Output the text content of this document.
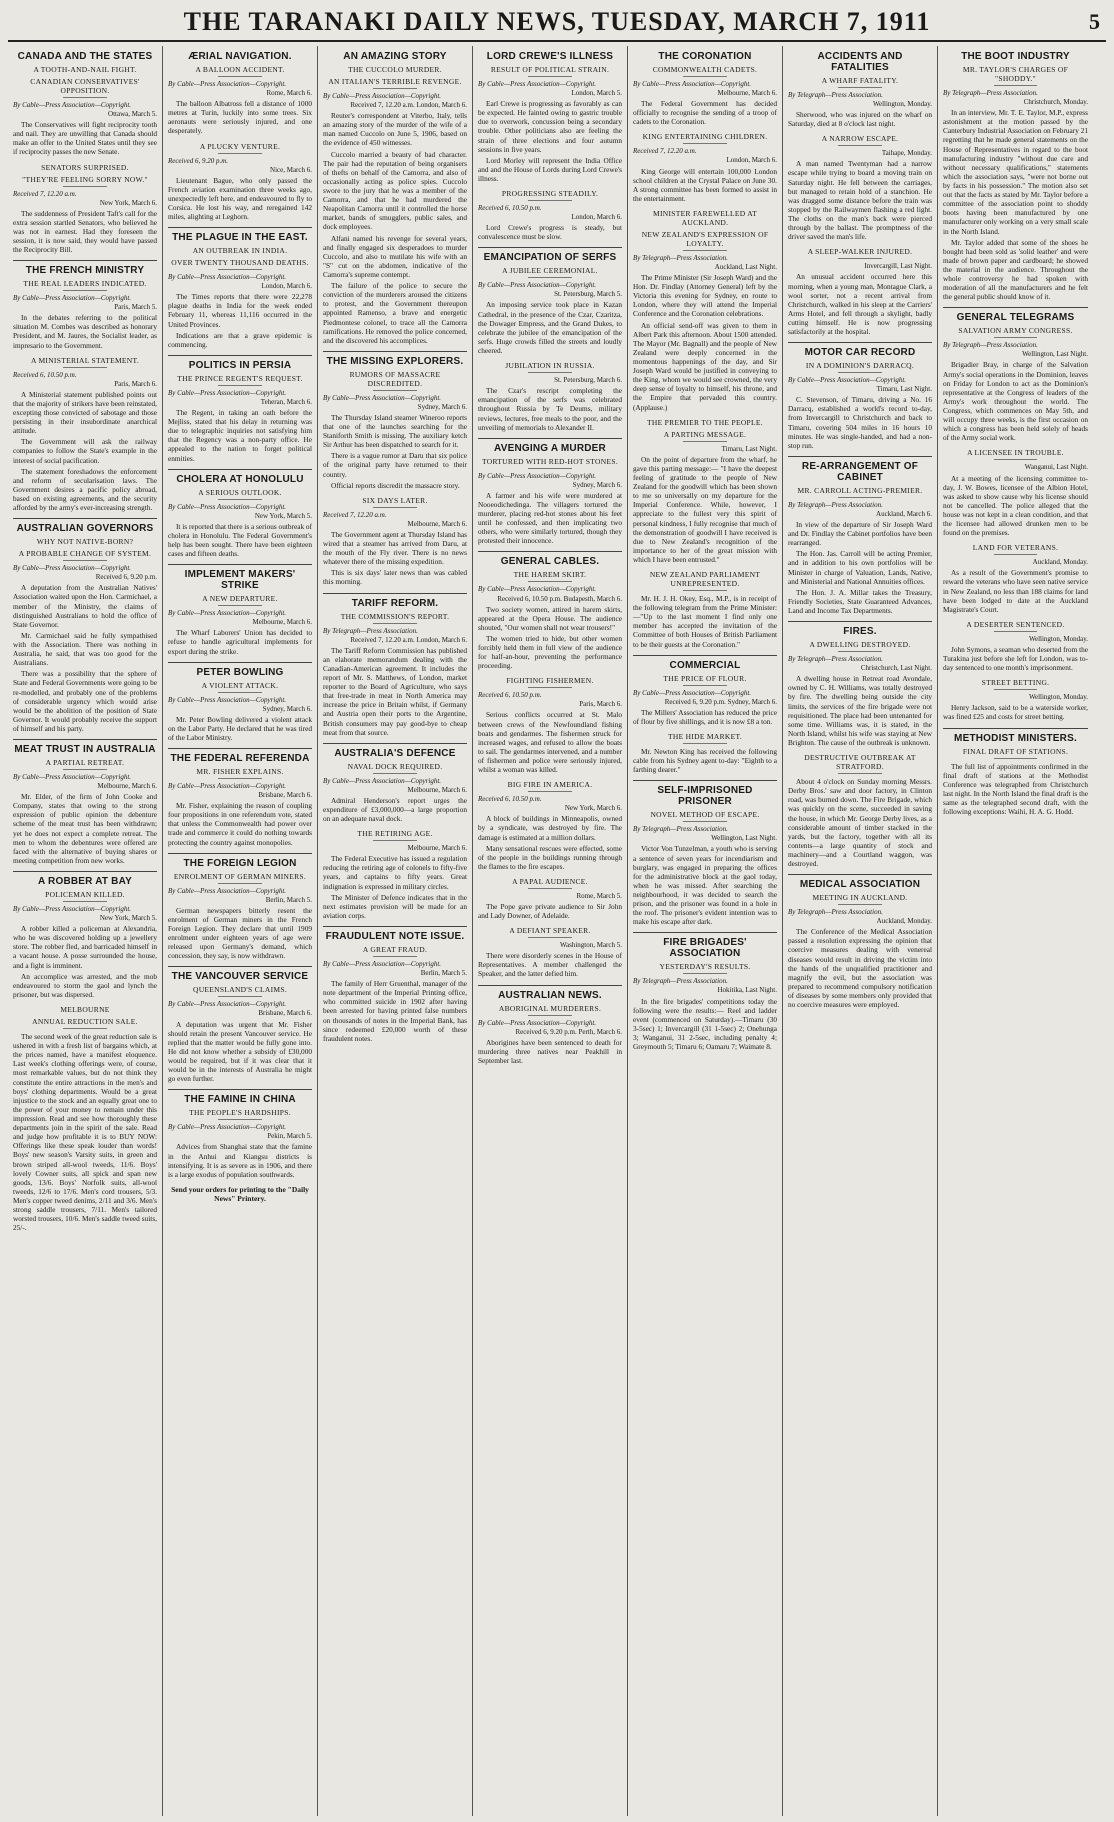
THE TARANAKI DAILY NEWS, TUESDAY, MARCH 7, 1911	5
CANADA AND THE STATES
A TOOTH-AND-NAIL FIGHT.
CANADIAN CONSERVATIVES' OPPOSITION.
By Cable—Press Association—Copyright.
Ottawa, March 5.
The Conservatives will fight reciprocity tooth and nail. They are unwilling that Canada should make an offer to the United States until they see if reciprocity passes the new Senate.
SENATORS SURPRISED.
"THEY'RE FEELING SORRY NOW."
Received 7, 12.20 a.m.
New York, March 6.
The suddenness of President Taft's call for the extra session startled Senators, who believed he was not in earnest. Had they foreseen the session, it is now said, they would have passed the Reciprocity Bill.
THE FRENCH MINISTRY
THE REAL LEADERS INDICATED.
By Cable—Press Association—Copyright.
Paris, March 5.
In the debates referring to the political situation M. Combes was described as honorary President, and M. Jaures, the Socialist leader, as impresario to the Government.
A MINISTERIAL STATEMENT.
Received 6, 10.50 p.m.
Paris, March 6.
A Ministerial statement published points out that the majority of strikers have been reinstated, excepting those convicted of sabotage and those persisting in their insubordinate anarchical attitude.
The Government will ask the railway companies to follow the State's example in the interest of social pacification.
The statement foreshadows the enforcement and reform of secularisation laws. The Government desires a pacific policy abroad, based on existing agreements, and the security afforded by the army's ever-increasing strength.
AUSTRALIAN GOVERNORS
WHY NOT NATIVE-BORN?
A PROBABLE CHANGE OF SYSTEM.
By Cable—Press Association—Copyright.
Received 6, 9.20 p.m.
A deputation from the Australian Natives' Association waited upon the Hon. Carmichael, a member of the Ministry, the claims of distinguished Australians to hold the office of State Governor.
Mr. Carmichael said he fully sympathised with the Association. There was nothing in Australia, he said, that was too good for the Australians.
There was a possibility that the sphere of State and Federal Governments were going to be re-modelled, and probably one of the problems of considerable urgency which would arise would be the abolition of the position of State Governor. It would probably receive the support of himself and his party.
MEAT TRUST IN AUSTRALIA
A PARTIAL RETREAT.
By Cable—Press Association—Copyright.
Melbourne, March 6.
Mr. Elder, of the firm of John Cooke and Company, states that owing to the strong expression of public opinion the debenture scheme of the meat trust has been withdrawn; yet he does not expect a complete retreat. The men to whom the debentures were offered are faced with the alternative of buying shares or meeting competition from new works.
A ROBBER AT BAY
POLICEMAN KILLED.
By Cable—Press Association—Copyright.
New York, March 5.
A robber killed a policeman at Alexandria, who he was discovered holding up a jewellery store. The robber fled, and barricaded himself in a vacant house. A posse surrounded the house, and a fight is imminent.
An accomplice was arrested, and the mob endeavoured to storm the gaol and lynch the prisoner, but was dispersed.
MELBOURNE
ANNUAL REDUCTION SALE.
The second week of the great reduction sale is ushered in with a fresh list of bargains which, at the prices named, have a manifest eloquence. Last week's clothing offerings were, of course, most remarkable values, but do not think they constitute the entire attractions in the men's and boys' clothing departments. Would be a great injustice to the stock and an equally great one to the power of your money to remain under this impression. Read and see how thoroughly these departments join in the spirit of the sale. Read and judge how profitable it is to BUY NOW: Offerings like these speak louder than words! Boys' new season's Varsity suits, in green and brown striped all-wool tweeds, 11/6. Boys' lovely Cowner suits, all spick and span new goods, 13/6. Boys' Norfolk suits, all-wool tweeds, 12/6 to 17/6. Men's cord trousers, 5/3. Men's copper tweed denims, 2/11 and 3/6. Men's strong saddle trousers, 7/11. Men's tailored worsted trousers, 10/6. Men's saddle tweed suits, 25/-.
ÆRIAL NAVIGATION.
A BALLOON ACCIDENT.
By Cable—Press Association—Copyright.
Rome, March 6.
The balloon Albatross fell a distance of 1000 metres at Turin, luckily into some trees. Six aeronauts were seriously injured, and one desperately.
A PLUCKY VENTURE.
Received 6, 9.20 p.m.
Nice, March 6.
Lieutenant Bague, who only passed the French aviation examination three weeks ago, unexpectedly left here, and endeavoured to fly to Corsica. He lost his way, and reregained 142 miles, alighting at Leghorn.
THE PLAGUE IN THE EAST.
AN OUTBREAK IN INDIA.
OVER TWENTY THOUSAND DEATHS.
By Cable—Press Association—Copyright.
London, March 6.
The Times reports that there were 22,278 plague deaths in India for the week ended February 11, whereas 11,116 occurred in the United Provinces.
Indications are that a grave epidemic is commencing.
POLITICS IN PERSIA
THE PRINCE REGENT'S REQUEST.
By Cable—Press Association—Copyright.
Teheran, March 6.
The Regent, in taking an oath before the Mejliss, stated that his delay in returning was due to telegraphic inquiries not satisfying him that the Regency was a non-party office. He appealed to the nation to forget political enmities.
CHOLERA AT HONOLULU
A SERIOUS OUTLOOK.
By Cable—Press Association—Copyright.
New York, March 5.
It is reported that there is a serious outbreak of cholera in Honolulu. The Federal Government's help has been sought. There have been eighteen cases and fifteen deaths.
IMPLEMENT MAKERS' STRIKE
A NEW DEPARTURE.
By Cable—Press Association—Copyright.
Melbourne, March 6.
The Wharf Laborers' Union has decided to refuse to handle agricultural implements for export during the strike.
PETER BOWLING
A VIOLENT ATTACK.
By Cable—Press Association—Copyright.
Sydney, March 6.
Mr. Peter Bowling delivered a violent attack on the Labor Party. He declared that he was tired of the Labor Ministry.
THE FEDERAL REFERENDA
MR. FISHER EXPLAINS.
By Cable—Press Association—Copyright.
Brisbane, March 6.
Mr. Fisher, explaining the reason of coupling four propositions in one referendum vote, stated that unless the Commonwealth had power over trade and commerce it could do nothing towards protecting the country against monopolies.
THE FOREIGN LEGION
ENROLMENT OF GERMAN MINERS.
By Cable—Press Association—Copyright.
Berlin, March 5.
German newspapers bitterly resent the enrolment of German miners in the French Foreign Legion. They declare that until 1909 enrolment under eighteen years of age were released upon Germany's demand, which concession, they say, is now withdrawn.
THE VANCOUVER SERVICE
QUEENSLAND'S CLAIMS.
By Cable—Press Association—Copyright.
Brisbane, March 6.
A deputation was urgent that Mr. Fisher should retain the present Vancouver service. He replied that the matter would be fully gone into. He did not know whether a subsidy of £30,000 would be required, but if it was clear that it would be in the interests of Australia he might go even further.
THE FAMINE IN CHINA
THE PEOPLE'S HARDSHIPS.
By Cable—Press Association—Copyright.
Pekin, March 5.
Advices from Shanghai state that the famine in the Anhui and Kiangsu districts is intensifying. It is as severe as in 1906, and there is a large exodus of population southwards.
Send your orders for printing to the "Daily News" Printery.
AN AMAZING STORY
THE CUCCOLO MURDER.
AN ITALIAN'S TERRIBLE REVENGE.
By Cable—Press Association—Copyright.
Received 7, 12.20 a.m. London, March 6.
Reuter's correspondent at Viterbo, Italy, tells an amazing story of the murder of the wife of a man named Cuccolo on June 5, 1906, based on the evidence of 450 witnesses.
Cuccolo married a beauty of bad character. The pair had the reputation of being organisers of thefts on behalf of the Camorra, and also of occasionally acting as police spies. Cuccolo swore to the jury that he was a member of the Camorra, and that he had murdered the Neapolitan Camorra until it controlled the horse market, bands of smugglers, public sales, and dock employees.
Alfani named his revenge for several years, and finally engaged six desperadoes to murder Cuccolo, and also to mutilate his wife with an "S" cut on the abdomen, indicative of the Camorra's supreme contempt.
The failure of the police to secure the conviction of the murderers aroused the citizens to protest, and the Government thereupon appointed Ramenso, a brave and energetic Piedmontese colonel, to trace all the Camorra ramifications. He removed the police concerned, and the discovered his accomplices.
THE MISSING EXPLORERS.
RUMORS OF MASSACRE DISCREDITED.
By Cable—Press Association—Copyright.
Sydney, March 6.
The Thursday Island steamer Wineroo reports that one of the launches searching for the Staniforth Smith is missing. The auxiliary ketch Sir Arthur has been dispatched to search for it.
There is a vague rumor at Daru that six police of the original party have returned to their country.
Official reports discredit the massacre story.
SIX DAYS LATER.
Received 7, 12.20 a.m.
Melbourne, March 6.
The Government agent at Thursday Island has wired that a steamer has arrived from Daru, at the mouth of the Fly river. There is no news whatever there of the missing expedition.
This is six days' later news than was cabled this morning.
TARIFF REFORM.
THE COMMISSION'S REPORT.
By Telegraph—Press Association.
Received 7, 12.20 a.m. London, March 6.
The Tariff Reform Commission has published an elaborate memorandum dealing with the Canadian-American agreement. It includes the report of Mr. S. Matthews, of London, market reporter to the Board of Agriculture, who says that free-trade in meat in North America may increase the price in Britain whilst, if Germany and Austria open their ports to the Argentine, British consumers may pay good-bye to cheap meat from that source.
AUSTRALIA'S DEFENCE
NAVAL DOCK REQUIRED.
By Cable—Press Association—Copyright.
Melbourne, March 6.
Admiral Henderson's report urges the expenditure of £3,000,000—a large proportion on an adequate naval dock.
THE RETIRING AGE.
Melbourne, March 6.
The Federal Executive has issued a regulation reducing the retiring age of colonels to fifty-five years, and captains to fifty years. Great indignation is expressed in military circles.
The Minister of Defence indicates that in the next estimates provision will be made for an aviation corps.
FRAUDULENT NOTE ISSUE.
A GREAT FRAUD.
By Cable—Press Association—Copyright.
Berlin, March 5.
The family of Herr Gruenthal, manager of the note department of the Imperial Printing office, who committed suicide in 1902 after having been arrested for having printed false numbers on thousands of notes in the Imperial Bank, has since redeemed £20,000 worth of these fraudulent notes.
LORD CREWE'S ILLNESS
RESULT OF POLITICAL STRAIN.
By Cable—Press Association—Copyright.
London, March 5.
Earl Crewe is progressing as favorably as can be expected. He fainted owing to gastric trouble due to overwork, concussion being a secondary trouble. Other politicians also are feeling the strain of three elections and four autumn sessions in five years.
Lord Morley will represent the India Office and and the House of Lords during Lord Crewe's illness.
PROGRESSING STEADILY.
Received 6, 10.50 p.m.
London, March 6.
Lord Crewe's progress is steady, but convalescence must be slow.
EMANCIPATION OF SERFS
A JUBILEE CEREMONIAL.
By Cable—Press Association—Copyright.
St. Petersburg, March 5.
An imposing service took place in Kazan Cathedral, in the presence of the Czar, Czaritza, the Dowager Empress, and the Grand Dukes, to celebrate the jubilee of the emancipation of the serfs. Huge crowds filled the streets and loudly cheered.
JUBILATION IN RUSSIA.
St. Petersburg, March 6.
The Czar's rescript completing the emancipation of the serfs was celebrated throughout Russia by Te Deums, military reviews, lectures, free meals to the poor, and the unveiling of memorials to Alexander II.
AVENGING A MURDER
TORTURED WITH RED-HOT STONES.
By Cable—Press Association—Copyright.
Sydney, March 6.
A farmer and his wife were murdered at Nooeodichedinga. The villagers tortured the murderer, placing red-hot stones about his feet until he confessed, and then implicating two others, who were similarly tortured, though they protested their innocence.
GENERAL CABLES.
THE HAREM SKIRT.
By Cable—Press Association—Copyright.
Received 6, 10.50 p.m. Budapesth, March 6.
Two society women, attired in harem skirts, appeared at the Opera House. The audience shouted, "Our women shall not wear trousers!"
The women tried to hide, but other women forcibly held them in full view of the audience for half-an-hour, preventing the performance proceeding.
FIGHTING FISHERMEN.
Received 6, 10.50 p.m.
Paris, March 6.
Serious conflicts occurred at St. Malo between crews of the Newfoundland fishing boats and gendarmes. The fishermen struck for increased wages, and refused to allow the boats to sail. The gendarmes intervened, and a number of fishermen and police were seriously injured, whilst a woman was killed.
BIG FIRE IN AMERICA.
Received 6, 10.50 p.m.
New York, March 6.
A block of buildings in Minneapolis, owned by a syndicate, was destroyed by fire. The damage is estimated at a million dollars.
Many sensational rescues were effected, some of the people in the buildings running through the flames to the fire escapes.
A PAPAL AUDIENCE.
Rome, March 5.
The Pope gave private audience to Sir John and Lady Downer, of Adelaide.
A DEFIANT SPEAKER.
Washington, March 5.
There were disorderly scenes in the House of Representatives. A member challenged the Speaker, and the latter defied him.
AUSTRALIAN NEWS.
ABORIGINAL MURDERERS.
By Cable—Press Association—Copyright.
Received 6, 9.20 p.m. Perth, March 6.
Aborigines have been sentenced to death for murdering three natives near Peakhill in September last.
THE CORONATION
COMMONWEALTH CADETS.
By Cable—Press Association—Copyright.
Melbourne, March 6.
The Federal Government has decided officially to recognise the sending of a troop of cadets to the Coronation.
KING ENTERTAINING CHILDREN.
Received 7, 12.20 a.m.
London, March 6.
King George will entertain 100,000 London school children at the Crystal Palace on June 30. A strong committee has been formed to assist in the entertainment.
MINISTER FAREWELLED AT AUCKLAND.
NEW ZEALAND'S EXPRESSION OF LOYALTY.
By Telegraph—Press Association.
Auckland, Last Night.
The Prime Minister (Sir Joseph Ward) and the Hon. Dr. Findlay (Attorney General) left by the Victoria this evening for Sydney, en route to London, where they will attend the Imperial Conference and the Coronation celebrations.
An official send-off was given to them in Albert Park this afternoon. About 1500 attended. The Mayor (Mr. Bagnall) and the people of New Zealand were deeply concerned in the momentous happenings of the day, and Sir Joseph Ward would be justified in conveying to the King, whom we would see crowned, the very deep sense of loyalty to himself, his throne, and the Empire that pervaded this country. (Applause.)
THE PREMIER TO THE PEOPLE.
A PARTING MESSAGE.
Timaru, Last Night.
On the point of departure from the wharf, he gave this parting message:— "I have the deepest feeling of gratitude to the people of New Zealand for the goodwill which has been shown to me so universally on my departure for the Imperial Conference. While, however, I appreciate to the fullest very this spirit of personal kindness, I fully recognise that much of the demonstration of goodwill I have received is due to New Zealand's recognition of the importance to her of the great mission with which I have been entrusted."
NEW ZEALAND PARLIAMENT UNREPRESENTED.
Mr. H. J. H. Okey, Esq., M.P., is in receipt of the following telegram from the Prime Minister:—"Up to the last moment I find only one member has accepted the invitation of the Committee of both Houses of British Parliament to be their guests at the Coronation."
COMMERCIAL
THE PRICE OF FLOUR.
By Cable—Press Association—Copyright.
Received 6, 9.20 p.m. Sydney, March 6.
The Millers' Association has reduced the price of flour by five shillings, and it is now £8 a ton.
THE HIDE MARKET.
Mr. Newton King has received the following cable from his Sydney agent to-day: "Eighth to a farthing dearer."
SELF-IMPRISONED PRISONER
NOVEL METHOD OF ESCAPE.
By Telegraph—Press Association.
Wellington, Last Night.
Victor Von Tunzelman, a youth who is serving a sentence of seven years for incendiarism and burglary, was engaged in preparing the offices for the administrative block at the gaol today, when he was missed. After searching the neighbourhood, it was decided to search the prison, and the prisoner was found in a hole in the roof. The prisoner's evident intention was to make his escape after dark.
FIRE BRIGADES' ASSOCIATION
YESTERDAY'S RESULTS.
By Telegraph—Press Association.
Hokitika, Last Night.
In the fire brigades' competitions today the following were the results:— Reel and ladder event (commenced on Saturday).—Timaru (30 3-5sec) 1; Invercargill (31 1-5sec) 2; Onehunga 3; Wanganui, 31 2-5sec, including penalty 4; Greymouth 5; Timaru 6; Oamaru 7; Waimate 8.
ACCIDENTS AND FATALITIES
A WHARF FATALITY.
By Telegraph—Press Association.
Wellington, Monday.
Sherwood, who was injured on the wharf on Saturday, died at 8 o'clock last night.
A NARROW ESCAPE.
Taihape, Monday.
A man named Twentyman had a narrow escape while trying to board a moving train on Saturday night. He fell between the carriages, but managed to retain hold of a stanchion. He was dragged some distance before the train was stopped by the Railwaymen flashing a red light. The cloths on the man's back were pierced through by the ballast. The promptness of the driver saved the man's life.
A SLEEP-WALKER INJURED.
Invercargill, Last Night.
An unusual accident occurred here this morning, when a young man, Montague Clark, a wool sorter, not a recent arrival from Christchurch, walked in his sleep at the Carriers' Arms Hotel, and fell through a skylight, badly cutting himself. He is now progressing satisfactorily at the hospital.
MOTOR CAR RECORD
IN A DOMINION'S DARRACQ.
By Cable—Press Association—Copyright.
Timaru, Last Night.
C. Stevenson, of Timaru, driving a No. 16 Darracq, established a world's record to-day, from Invercargill to Christchurch and back to Timaru, covering 504 miles in 16 hours 10 minutes. He was single-handed, and had a non-stop run.
RE-ARRANGEMENT OF CABINET
MR. CARROLL ACTING-PREMIER.
By Telegraph—Press Association.
Auckland, March 6.
In view of the departure of Sir Joseph Ward and Dr. Findlay the Cabinet portfolios have been rearranged.
The Hon. Jas. Carroll will be acting Premier, and in addition to his own portfolios will be Minister in charge of Valuation, Lands, Native, and Ministerial and National Annuities offices.
The Hon. J. A. Millar takes the Treasury, Friendly Societies, State Guaranteed Advances, Land and Income Tax Departments.
FIRES.
A DWELLING DESTROYED.
By Telegraph—Press Association.
Christchurch, Last Night.
A dwelling house in Retreat road Avondale, owned by C. H. Williams, was totally destroyed by fire. The dwelling being outside the city limits, the services of the fire brigade were not requisitioned. The place had been untenanted for some time. Williams was, it is stated, in the North Island, whilst his wife was staying at New Brighton. The cause of the outbreak is unknown.
DESTRUCTIVE OUTBREAK AT STRATFORD.
About 4 o'clock on Sunday morning Messrs. Derby Bros.' saw and door factory, in Clinton road, was burned down. The Fire Brigade, which was quickly on the scene, succeeded in saving the house, in which Mr. George Derby lives, as a considerable amount of timber stacked in the yards, but the factory, together with all its contents—a large quantity of stock and machinery—and a Courtland waggon, was destroyed.
MEDICAL ASSOCIATION
MEETING IN AUCKLAND.
By Telegraph—Press Association.
Auckland, Monday.
The Conference of the Medical Association passed a resolution expressing the opinion that coercive measures dealing with venereal diseases would result in driving the victim into the hands of the unqualified practitioner and magnify the evil, but the association was prepared to recommend compulsory notification of diseases by some members only provided that no coercive measures were employed.
THE BOOT INDUSTRY
MR. TAYLOR'S CHARGES OF "SHODDY."
By Telegraph—Press Association.
Christchurch, Monday.
In an interview, Mr. T. E. Taylor, M.P., express astonishment at the motion passed by the Canterbury Industrial Association on February 21 regretting that he made general statements on the House of Representatives in regard to the boot manufacturing industry "without due care and without necessary qualifications," statements which the association says, "were not borne out by facts in his possession." The motion also set out that the facts as stated by Mr. Taylor before a committee of the association point to shoddy boots having been manufactured by one manufacturer only working on a very small scale in the North Island.
Mr. Taylor added that some of the shoes he bought had been sold as 'solid leather' and were made of brown paper and cardboard; he showed the material in the audience. Throughout the whole controversy he had spoken with moderation of all the manufacturers and he felt the general public should know of it.
GENERAL TELEGRAMS
SALVATION ARMY CONGRESS.
By Telegraph—Press Association.
Wellington, Last Night.
Brigadier Bray, in charge of the Salvation Army's social operations in the Dominion, leaves on Friday for London to act as the Dominion's representative at the Congress of leaders of the Army's work throughout the world. The Congress, which commences on May 5th, and will occupy three weeks, is the first occasion on which a congress has been held solely of heads of the Army social work.
A LICENSEE IN TROUBLE.
Wanganui, Last Night.
At a meeting of the licensing committee to-day, J. W. Bowes, licensee of the Albion Hotel, was asked to show cause why his license should not be cancelled. The police alleged that the house was not kept in a clean condition, and that the licensee had allowed drunken men to be found on the premises.
LAND FOR VETERANS.
Auckland, Monday.
As a result of the Government's promise to reward the veterans who have seen native service in New Zealand, no less than 188 claims for land have been lodged to date at the Auckland Magistrate's Court.
A DESERTER SENTENCED.
Wellington, Monday.
John Symons, a seaman who deserted from the Turakina just before she left for London, was to-day sentenced to one month's imprisonment.
STREET BETTING.
Wellington, Monday.
Henry Jackson, said to be a waterside worker, was fined £25 and costs for street betting.
METHODIST MINISTERS.
FINAL DRAFT OF STATIONS.
The full list of appointments confirmed in the final draft of stations at the Methodist Conference was telegraphed from Christchurch last night. In the North Island the final draft is the same as the telegraphed second draft, with the following exceptions: Waihi, H. A. G. Hodd.
